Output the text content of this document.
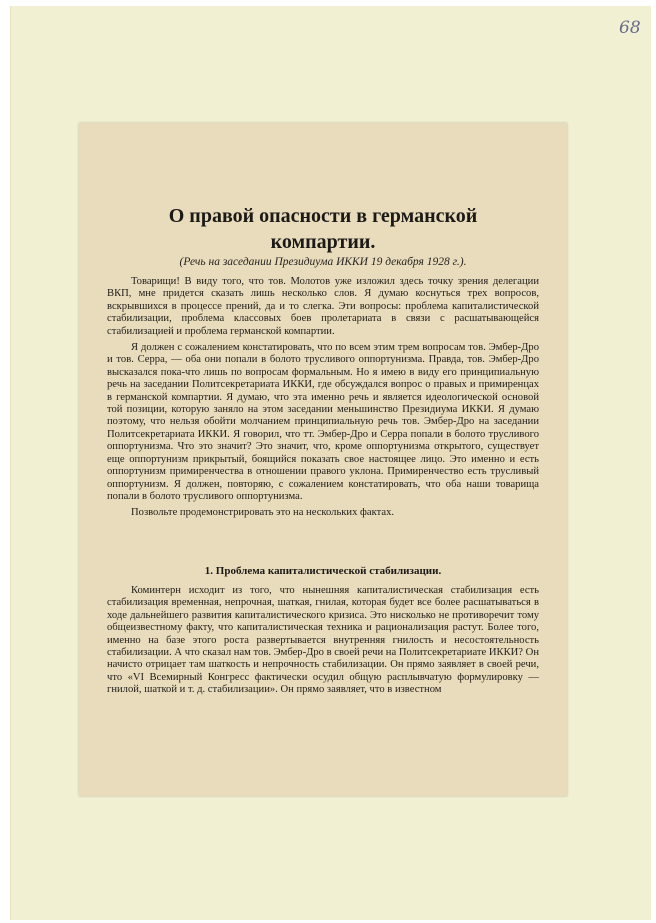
68
О правой опасности в германской
компартии.
(Речь на заседании Президиума ИККИ 19 декабря 1928 г.).

Товарищи! В виду того, что тов. Молотов уже изложил здесь точку зрения делегации ВКП, мне придется сказать лишь несколько слов. Я думаю коснуться трех вопросов, вскрывшихся в процессе прений, да и то слегка. Эти вопросы: проблема капиталистической стабилизации, проблема классовых боев пролетариата в связи с расшатывающейся стабилизацией и проблема германской компартии.

Я должен с сожалением констатировать, что по всем этим трем вопросам тов. Эмбер-Дро и тов. Серра, — оба они попали в болото трусливого оппортунизма. Правда, тов. Эмбер-Дро высказался пока-что лишь по вопросам формальным. Но я имею в виду его принципиальную речь на заседании Политсекретариата ИККИ, где обсуждался вопрос о правых и примиренцах в германской компартии. Я думаю, что эта именно речь и является идеологической основой той позиции, которую заняло на этом заседании меньшинство Президиума ИККИ. Я думаю поэтому, что нельзя обойти молчанием принципиальную речь тов. Эмбер-Дро на заседании Политсекретариата ИККИ. Я говорил, что тт. Эмбер-Дро и Серра попали в болото трусливого оппортунизма. Что это значит? Это значит, что, кроме оппортунизма открытого, существует еще оппортунизм прикрытый, боящийся показать свое настоящее лицо. Это именно и есть оппортунизм примиренчества в отношении правого уклона. Примиренчество есть трусливый оппортунизм. Я должен, повторяю, с сожалением констатировать, что оба наши товарища попали в болото трусливого оппортунизма.

Позвольте продемонстрировать это на нескольких фактах.

1. Проблема капиталистической стабилизации.

Коминтерн исходит из того, что нынешняя капиталистическая стабилизация есть стабилизация временная, непрочная, шаткая, гнилая, которая будет все более расшатываться в ходе дальнейшего развития капиталистического кризиса. Это нисколько не противоречит тому общеизвестному факту, что капиталистическая техника и рационализация растут. Более того, именно на базе этого роста развертывается внутренняя гнилость и несостоятельность стабилизации. А что сказал нам тов. Эмбер-Дро в своей речи на Политсекретариате ИККИ? Он начисто отрицает там шаткость и непрочность стабилизации. Он прямо заявляет в своей речи, что «VI Всемирный Конгресс фактически осудил общую расплывчатую формулировку — гнилой, шаткой и т. д. стабилизации». Он прямо заявляет, что в известном
